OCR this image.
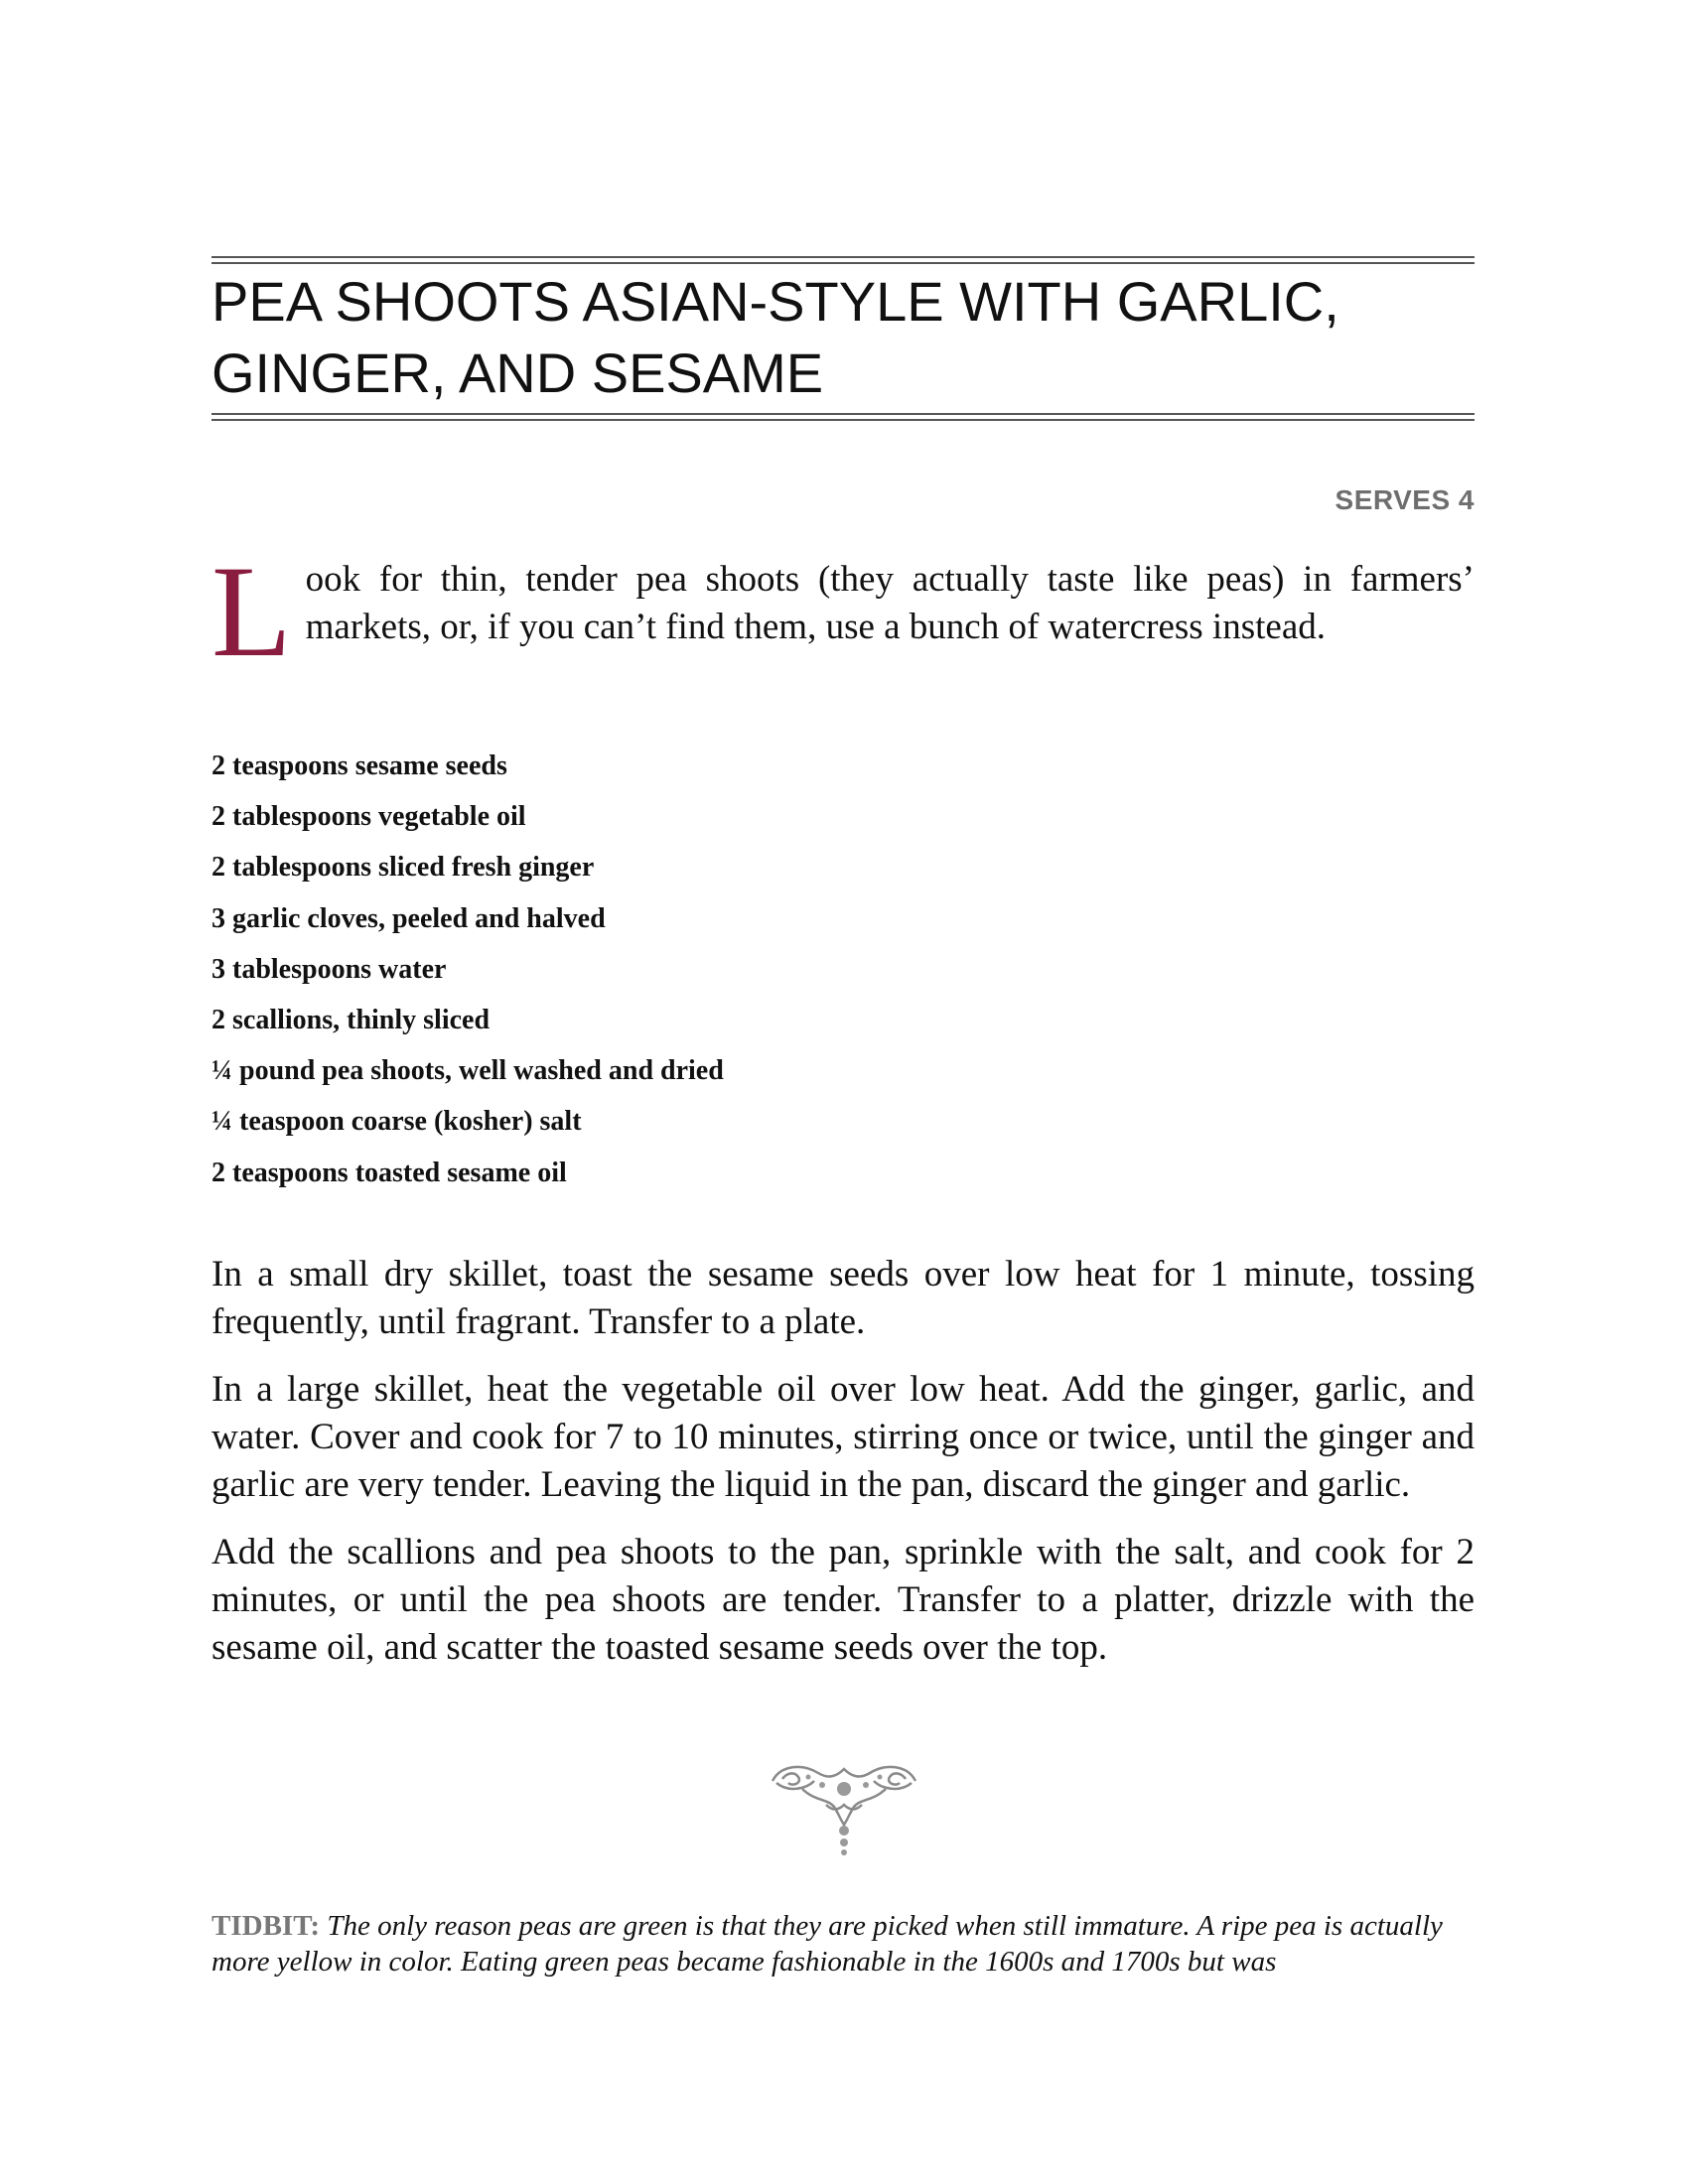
PEA SHOOTS ASIAN-STYLE WITH GARLIC,
GINGER, AND SESAME
SERVES 4

L ook for thin, tender pea shoots (they actually taste like peas) in farmers’ markets, or, if you can’t find them, use a bunch of watercress instead.

2 teaspoons sesame seeds
2 tablespoons vegetable oil
2 tablespoons sliced fresh ginger
3 garlic cloves, peeled and halved
3 tablespoons water
2 scallions, thinly sliced
¼ pound pea shoots, well washed and dried
¼ teaspoon coarse (kosher) salt
2 teaspoons toasted sesame oil

In a small dry skillet, toast the sesame seeds over low heat for 1 minute, tossing frequently, until fragrant. Transfer to a plate.

In a large skillet, heat the vegetable oil over low heat. Add the ginger, garlic, and water. Cover and cook for 7 to 10 minutes, stirring once or twice, until the ginger and garlic are very tender. Leaving the liquid in the pan, discard the ginger and garlic.

Add the scallions and pea shoots to the pan, sprinkle with the salt, and cook for 2 minutes, or until the pea shoots are tender. Transfer to a platter, drizzle with the sesame oil, and scatter the toasted sesame seeds over the top.

TIDBIT: The only reason peas are green is that they are picked when still immature. A ripe pea is actually more yellow in color. Eating green peas became fashionable in the 1600s and 1700s but was
